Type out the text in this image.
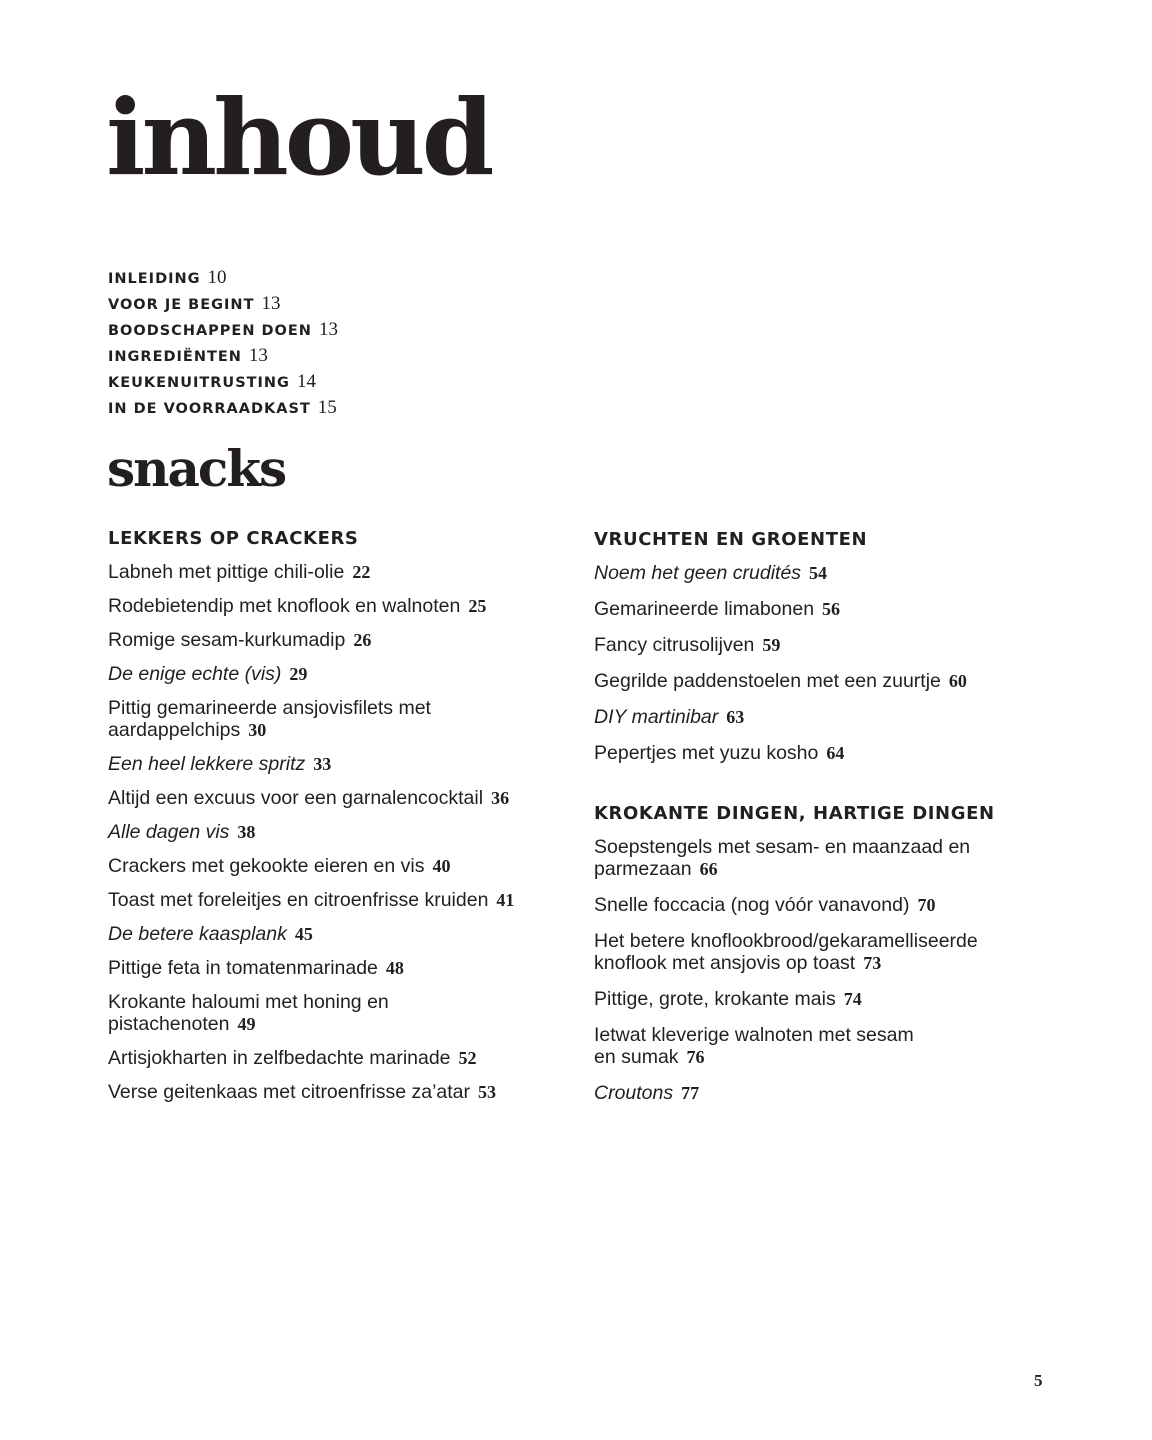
inhoud
INLEIDING 10
VOOR JE BEGINT 13
BOODSCHAPPEN DOEN 13
INGREDIËNTEN 13
KEUKENUITRUSTING 14
IN DE VOORRAADKAST 15
snacks
LEKKERS OP CRACKERS
Labneh met pittige chili-olie 22
Rodebietendip met knoflook en walnoten 25
Romige sesam-kurkumadip 26
De enige echte (vis) 29
Pittig gemarineerde ansjovisfilets met aardappelchips 30
Een heel lekkere spritz 33
Altijd een excuus voor een garnalencocktail 36
Alle dagen vis 38
Crackers met gekookte eieren en vis 40
Toast met foreleitjes en citroenfrisse kruiden 41
De betere kaasplank 45
Pittige feta in tomatenmarinade 48
Krokante haloumi met honing en pistachenoten 49
Artisjokharten in zelfbedachte marinade 52
Verse geitenkaas met citroenfrisse za’atar 53
VRUCHTEN EN GROENTEN
Noem het geen crudités 54
Gemarineerde limabonen 56
Fancy citrusolijven 59
Gegrilde paddenstoelen met een zuurtje 60
DIY martinibar 63
Pepertjes met yuzu kosho 64
KROKANTE DINGEN, HARTIGE DINGEN
Soepstengels met sesam- en maanzaad en parmezaan 66
Snelle foccacia (nog vóór vanavond) 70
Het betere knoflookbrood/gekaramelliseerde knoflook met ansjovis op toast 73
Pittige, grote, krokante mais 74
Ietwat kleverige walnoten met sesam en sumak 76
Croutons 77
5
